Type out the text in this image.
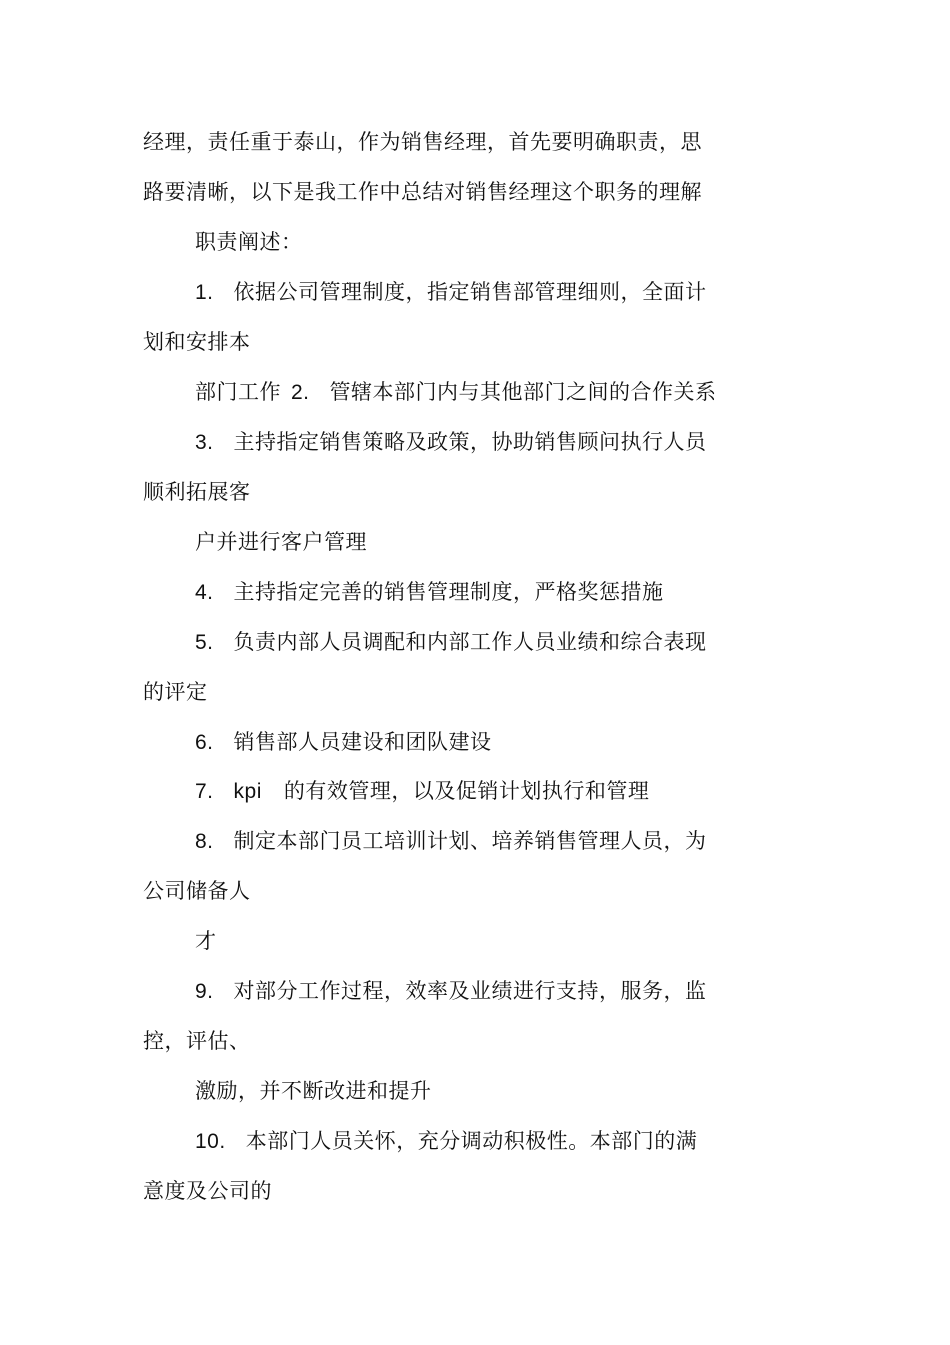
经理，责任重于泰山，作为销售经理，首先要明确职责，思
路要清晰，以下是我工作中总结对销售经理这个职务的理解
职责阐述：
1. 依据公司管理制度，指定销售部管理细则，全面计
划和安排本
部门工作 2. 管辖本部门内与其他部门之间的合作关系
3. 主持指定销售策略及政策，协助销售顾问执行人员
顺利拓展客
户并进行客户管理
4. 主持指定完善的销售管理制度，严格奖惩措施
5. 负责内部人员调配和内部工作人员业绩和综合表现
的评定
6. 销售部人员建设和团队建设
7. kpi 的有效管理，以及促销计划执行和管理
8. 制定本部门员工培训计划、培养销售管理人员，为
公司储备人
才
9. 对部分工作过程，效率及业绩进行支持，服务，监
控，评估、
激励，并不断改进和提升
10. 本部门人员关怀，充分调动积极性。本部门的满
意度及公司的
